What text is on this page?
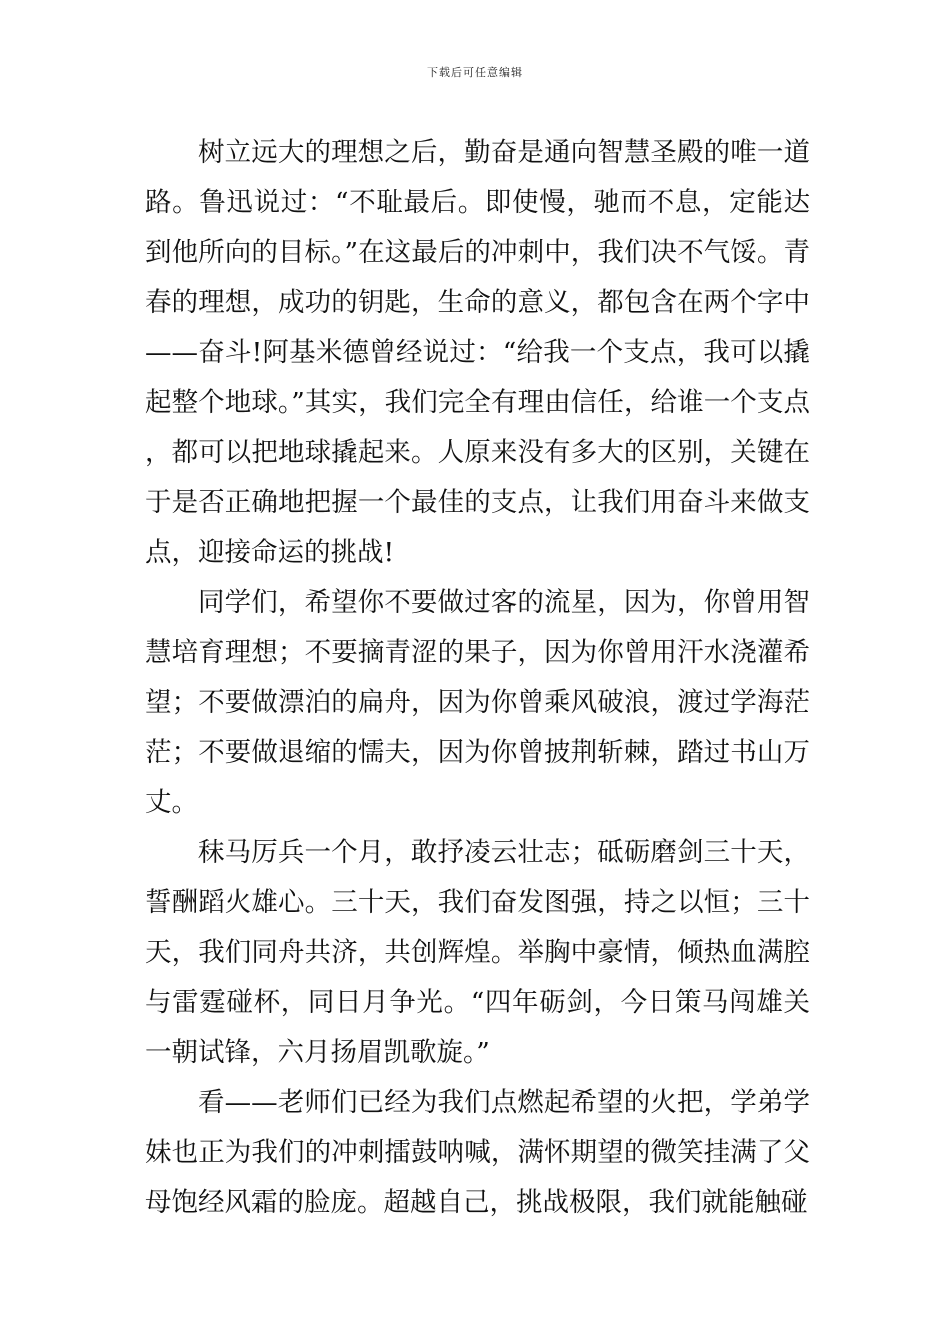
下载后可任意编辑

树立远大的理想之后，勤奋是通向智慧圣殿的唯一道路。鲁迅说过：“不耻最后。即使慢，驰而不息，定能达到他所向的目标。”在这最后的冲刺中，我们决不气馁。青春的理想，成功的钥匙，生命的意义，都包含在两个字中——奋斗!阿基米德曾经说过：“给我一个支点，我可以撬起整个地球。”其实，我们完全有理由信任，给谁一个支点，都可以把地球撬起来。人原来没有多大的区别，关键在于是否正确地把握一个最佳的支点，让我们用奋斗来做支点，迎接命运的挑战!

同学们，希望你不要做过客的流星，因为，你曾用智慧培育理想；不要摘青涩的果子，因为你曾用汗水浇灌希望；不要做漂泊的扁舟，因为你曾乘风破浪，渡过学海茫茫；不要做退缩的懦夫，因为你曾披荆斩棘，踏过书山万丈。

秣马厉兵一个月，敢抒凌云壮志；砥砺磨剑三十天，誓酬蹈火雄心。三十天，我们奋发图强，持之以恒；三十天，我们同舟共济，共创辉煌。举胸中豪情，倾热血满腔与雷霆碰杯，同日月争光。“四年砺剑，今日策马闯雄关一朝试锋，六月扬眉凯歌旋。”

看——老师们已经为我们点燃起希望的火把，学弟学妹也正为我们的冲刺擂鼓呐喊，满怀期望的微笑挂满了父母饱经风霜的脸庞。超越自己，挑战极限，我们就能触碰
